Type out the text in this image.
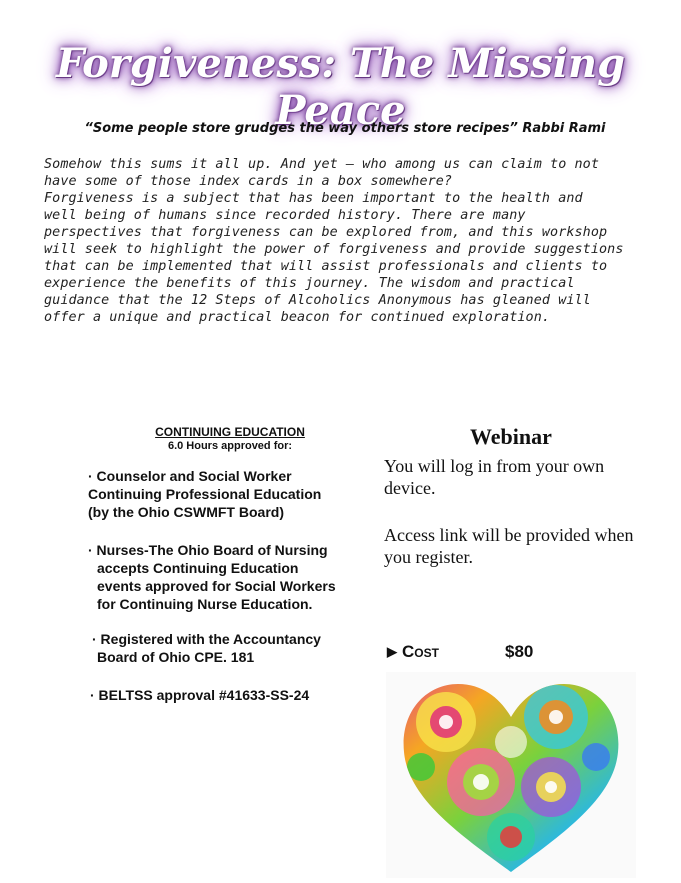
Forgiveness: The Missing Peace
“Some people store grudges the way others store recipes” Rabbi Rami

Somehow this sums it all up. And yet – who among us can claim to not

have some of those index cards in a box somewhere?

Forgiveness is a subject that has been important to the health and

well being of humans since recorded history. There are many

perspectives that forgiveness can be explored from, and this workshop

will seek to highlight the power of forgiveness and provide suggestions

that can be implemented that will assist professionals and clients to

experience the benefits of this journey. The wisdom and practical

guidance that the 12 Steps of Alcoholics Anonymous has gleaned will

offer a unique and practical beacon for continued exploration.

CONTINUING EDUCATION
6.0 Hours approved for:
· Counselor and Social Worker
Continuing Professional Education
(by the Ohio CSWMFT Board)
· Nurses-The Ohio Board of Nursing
accepts Continuing Education
events approved for Social Workers
for Continuing Nurse Education.
· Registered with the Accountancy
Board of Ohio CPE. 181
· BELTSS approval #41633-SS-24
Webinar
You will log in from your own device.
Access link will be provided when you register.
▶ Cost	$80
